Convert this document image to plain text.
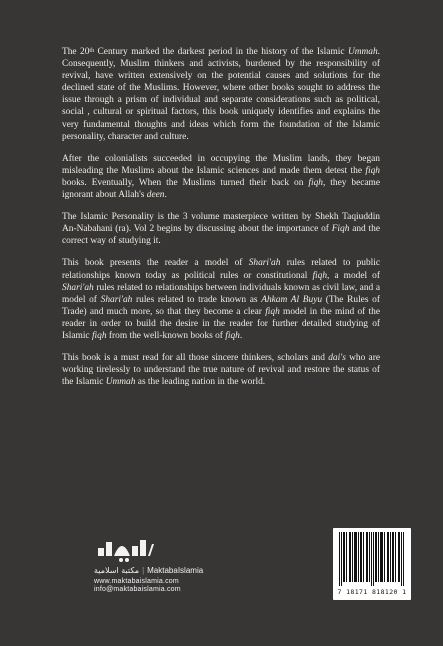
The 20th Century marked the darkest period in the history of the Islamic Ummah. Consequently, Muslim thinkers and activists, burdened by the responsibility of revival, have written extensively on the potential causes and solutions for the declined state of the Muslims. However, where other books sought to address the issue through a prism of individual and separate considerations such as political, social , cultural or spiritual factors, this book uniquely identifies and explains the very fundamental thoughts and ideas which form the foundation of the Islamic personality, character and culture.

After the colonialists succeeded in occupying the Muslim lands, they began misleading the Muslims about the Islamic sciences and made them detest the fiqh books. Eventually, When the Muslims turned their back on fiqh, they became ignorant about Allah's deen.

The Islamic Personality is the 3 volume masterpiece written by Shekh Taqiuddin An-Nabahani (ra). Vol 2 begins by discussing about the importance of Fiqh and the correct way of studying it.

This book presents the reader a model of Shari'ah rules related to public relationships known today as political rules or constitutional fiqh, a model of Shari'ah rules related to relationships between individuals known as civil law, and a model of Shari'ah rules related to trade known as Ahkam Al Buyu (The Rules of Trade) and much more, so that they become a clear fiqh model in the mind of the reader in order to build the desire in the reader for further detailed studying of Islamic fiqh from the well-known books of fiqh.

This book is a must read for all those sincere thinkers, scholars and dai's who are working tirelessly to understand the true nature of revival and restore the status of the Islamic Ummah as the leading nation in the world.

مكتبة اسلامية | MaktabaIslamia
www.maktabaislamia.com
info@maktabaislamia.com	7 18171 818120 1
